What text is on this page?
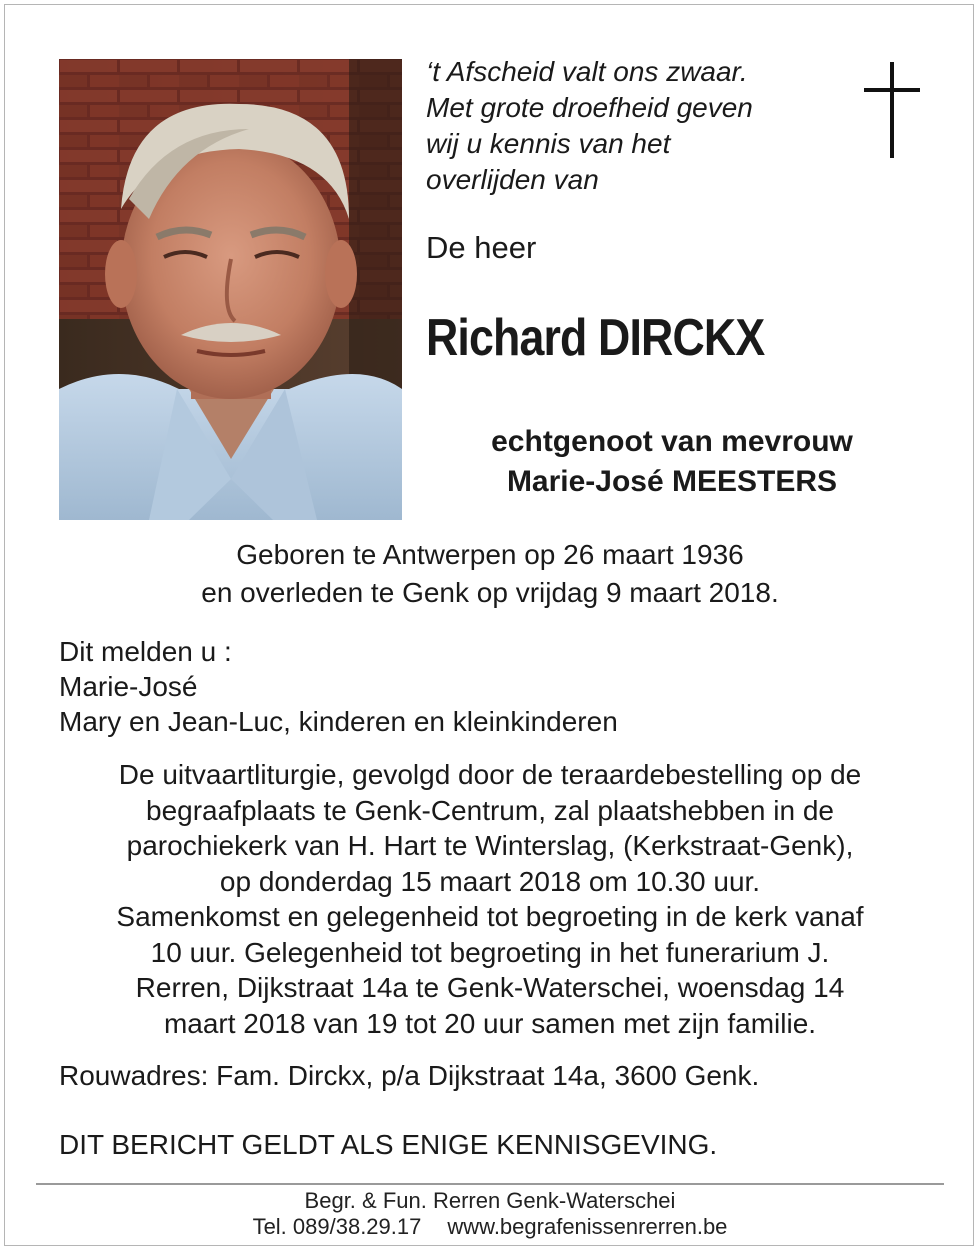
‘t Afscheid valt ons zwaar.
Met grote droefheid geven
wij u kennis van het
overlijden van
De heer
Richard DIRCKX
echtgenoot van mevrouw
Marie-José MEESTERS
Geboren te Antwerpen op 26 maart 1936
en overleden te Genk op vrijdag 9 maart 2018.
Dit melden u :
Marie-José
Mary en Jean-Luc, kinderen en kleinkinderen
De uitvaartliturgie, gevolgd door de teraardebestelling op de
begraafplaats te Genk-Centrum, zal plaatshebben in de
parochiekerk van H. Hart te Winterslag, (Kerkstraat-Genk),
op donderdag 15 maart 2018 om 10.30 uur.
Samenkomst en gelegenheid tot begroeting in de kerk vanaf
10 uur. Gelegenheid tot begroeting in het funerarium J.
Rerren, Dijkstraat 14a te Genk-Waterschei, woensdag 14
maart 2018 van 19 tot 20 uur samen met zijn familie.
Rouwadres: Fam. Dirckx, p/a Dijkstraat 14a, 3600 Genk.
DIT BERICHT GELDT ALS ENIGE KENNISGEVING.
Begr. & Fun. Rerren Genk-Waterschei
Tel. 089/38.29.17 www.begrafenissenrerren.be
